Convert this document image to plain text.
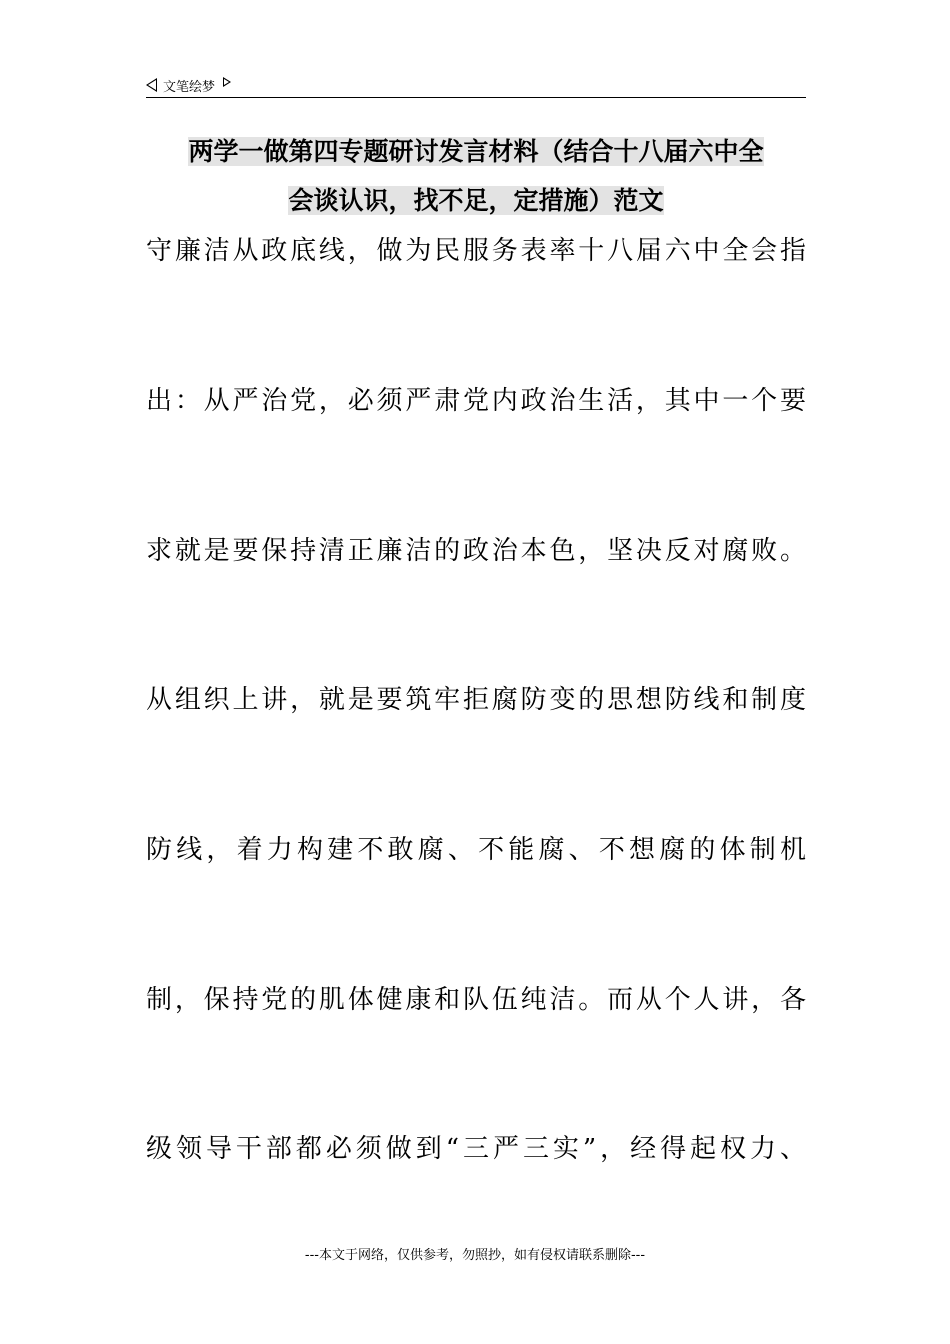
文笔绘梦
两学一做第四专题研讨发言材料（结合十八届六中全
会谈认识，找不足，定措施）范文
守廉洁从政底线，做为民服务表率十八届六中全会指
出：从严治党，必须严肃党内政治生活，其中一个要
求就是要保持清正廉洁的政治本色，坚决反对腐败。
从组织上讲，就是要筑牢拒腐防变的思想防线和制度
防线，着力构建不敢腐、不能腐、不想腐的体制机
制，保持党的肌体健康和队伍纯洁。而从个人讲，各
级领导干部都必须做到“三严三实”，经得起权力、
---本文于网络，仅供参考，勿照抄，如有侵权请联系删除---
